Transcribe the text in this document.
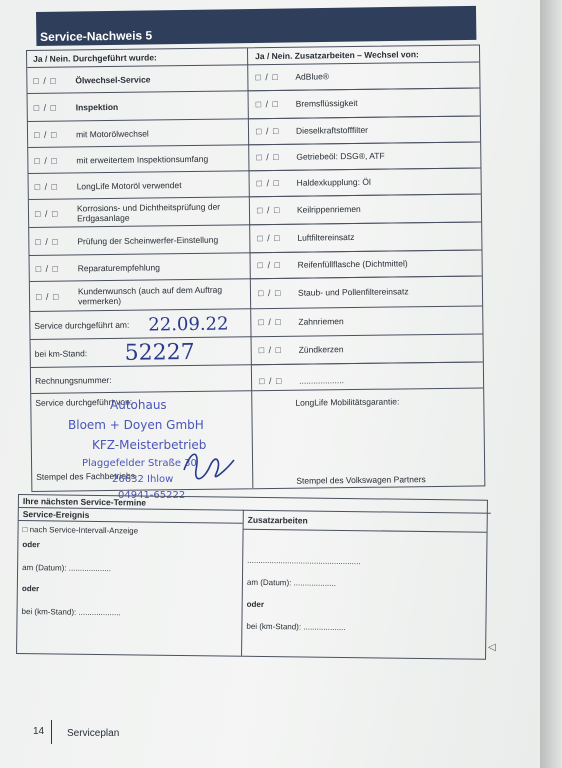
Service-Nachweis 5
Ja / Nein. Durchgeführt wurde:	Ja / Nein. Zusatzarbeiten – Wechsel von:
□ / □ Ölwechsel-Service
□ / □ Inspektion
□ / □ mit Motorölwechsel
□ / □ mit erweitertem Inspektionsumfang
□ / □ LongLife Motoröl verwendet
□ / □
Korrosions- und Dichtheitsprüfung der Erdgasanlage
□ / □ Prüfung der Scheinwerfer-Einstellung
□ / □ Reparaturempfehlung
□ / □
Kundenwunsch (auch auf dem Auftrag vermerken)
□ / □ AdBlue®
□ / □ Bremsflüssigkeit
□ / □ Dieselkraftstofffilter
□ / □ Getriebeöl: DSG®, ATF
□ / □ Haldexkupplung: Öl
□ / □ Keilrippenriemen
□ / □ Luftfiltereinsatz
□ / □ Reifenfüllflasche (Dichtmittel)
□ / □ Staub- und Pollenfiltereinsatz
□ / □ Zahnriemen
□ / □ Zündkerzen
□ / □ ...................
Service durchgeführt am: 22.09.22
bei km-Stand: 52227
Rechnungsnummer:
Service durchgeführt von:
Stempel des Fachbetriebs
LongLife Mobilitätsgarantie:
Stempel des Volkswagen Partners
Autohaus
Bloem + Doyen GmbH
KFZ-Meisterbetrieb
Plaggefelder Straße 30
26632 Ihlow
04941-65222
Ihre nächsten Service-Termine
Service-Ereignis
Zusatzarbeiten
□ nach Service-Intervall-Anzeige
oder
am (Datum): ...................
oder
bei (km-Stand): ...................
...................................................
am (Datum): ...................
oder
bei (km-Stand): ...................
◁
14 Serviceplan
